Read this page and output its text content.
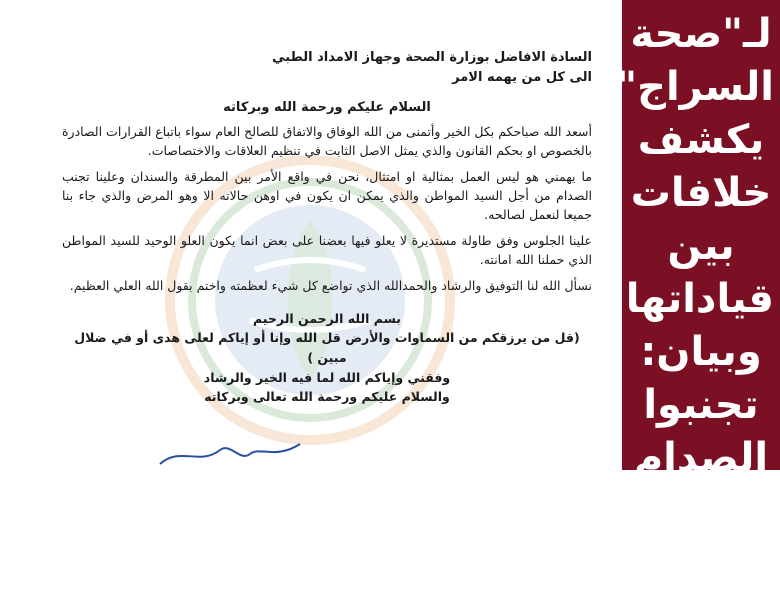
السادة الافاضل بوزارة الصحة وجهاز الامداد الطبي
الى كل من يهمه الامر
السلام عليكم ورحمة الله وبركاته
أسعد الله صباحكم بكل الخير وأتمنى من الله الوفاق والاتفاق للصالح العام سواء باتباع القرارات الصادرة بالخصوص او بحكم القانون والذي يمثل الاصل الثابت في تنظيم العلاقات والاختصاصات.
ما يهمني هو ليس العمل بمثالية او امتثال، نحن في واقع الأمر بين المطرقة والسندان وعلينا تجنب الصدام من أجل السيد المواطن والذي يمكن ان يكون في اوهن حالاته الا وهو المرض والذي جاء بنا جميعا لنعمل لصالحه.
علينا الجلوس وفق طاولة مستديرة لا يعلو فيها بعضنا على بعض انما يكون العلو الوحيد للسيد المواطن الذي حملنا الله امانته.
نسأل الله لنا التوفيق والرشاد والحمدالله الذي تواضع كل شيء لعظمته واختم بقول الله العلي العظيم.
بسم الله الرحمن الرحيم
(قل من يرزقكم من السماوات والأرض قل الله وإنا أو إياكم لعلى هدى أو في ضلال مبين )
وفقني وإياكم الله لما فيه الخير والرشاد
والسلام عليكم ورحمة الله تعالى وبركاته
لـ"صحة السراج" يكشف خلافات بين قياداتها وبيان: تجنبوا الصدام من أجل
